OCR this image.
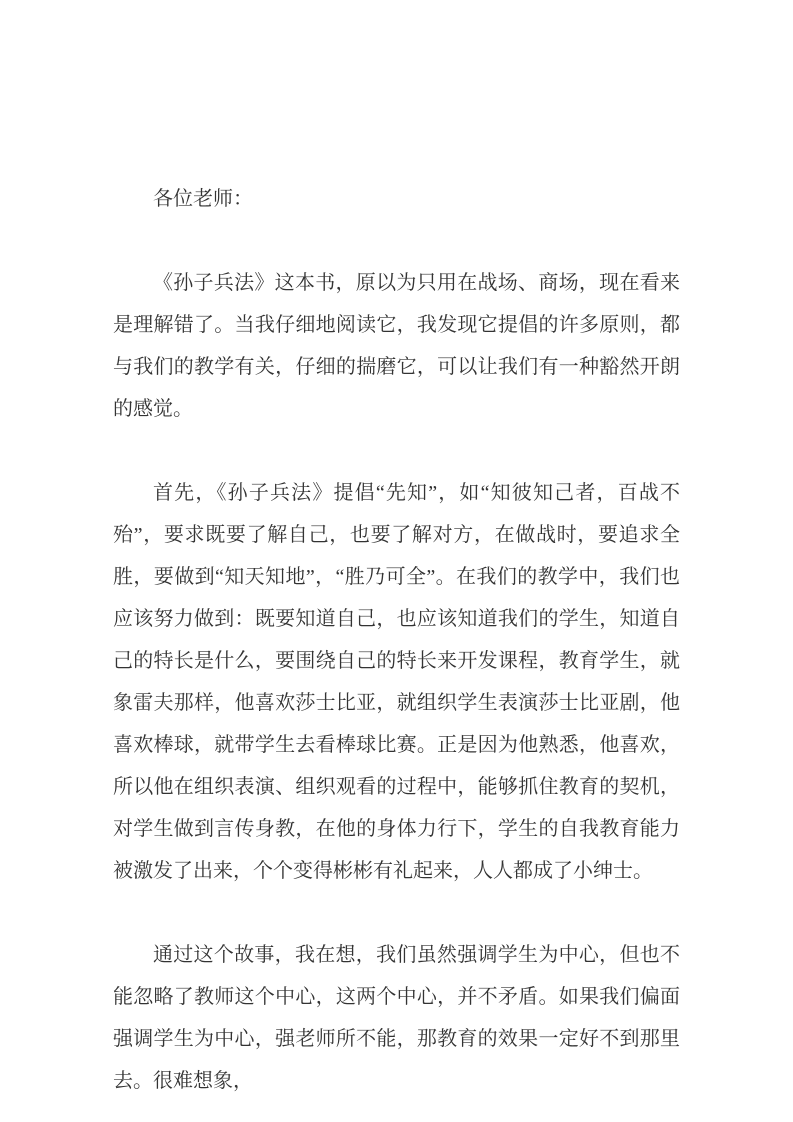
各位老师：

《孙子兵法》这本书，原以为只用在战场、商场，现在看来是理解错了。当我仔细地阅读它，我发现它提倡的许多原则，都与我们的教学有关，仔细的揣磨它，可以让我们有一种豁然开朗的感觉。

首先，《孙子兵法》提倡“先知”，如“知彼知己者，百战不殆”，要求既要了解自己，也要了解对方，在做战时，要追求全胜，要做到“知天知地”，“胜乃可全”。在我们的教学中，我们也应该努力做到：既要知道自己，也应该知道我们的学生，知道自己的特长是什么，要围绕自己的特长来开发课程，教育学生，就象雷夫那样，他喜欢莎士比亚，就组织学生表演莎士比亚剧，他喜欢棒球，就带学生去看棒球比赛。正是因为他熟悉，他喜欢，所以他在组织表演、组织观看的过程中，能够抓住教育的契机，对学生做到言传身教，在他的身体力行下，学生的自我教育能力被激发了出来，个个变得彬彬有礼起来，人人都成了小绅士。

通过这个故事，我在想，我们虽然强调学生为中心，但也不能忽略了教师这个中心，这两个中心，并不矛盾。如果我们偏面强调学生为中心，强老师所不能，那教育的效果一定好不到那里去。很难想象，
